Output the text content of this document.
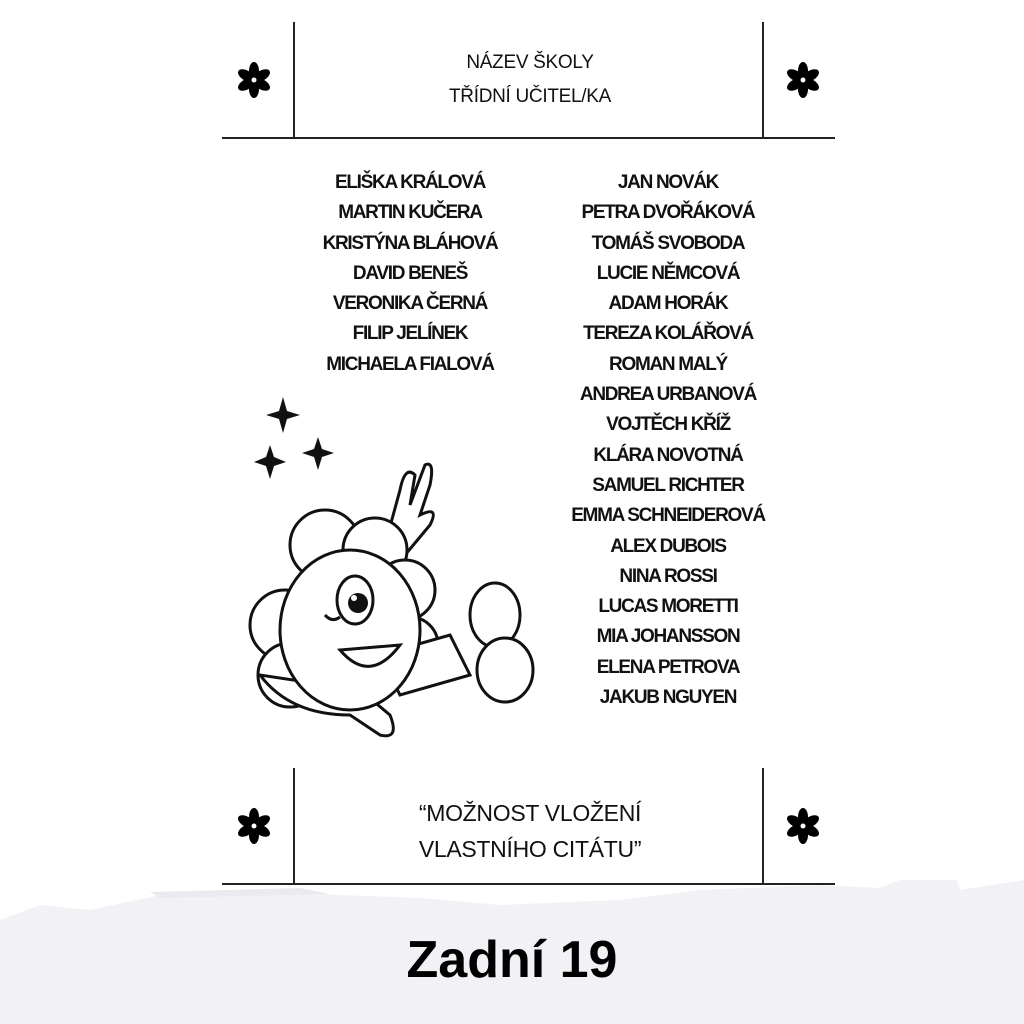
NÁZEV ŠKOLY
TŘÍDNÍ UČITEL/KA
ELIŠKA KRÁLOVÁ
MARTIN KUČERA
KRISTÝNA BLÁHOVÁ
DAVID BENEŠ
VERONIKA ČERNÁ
FILIP JELÍNEK
MICHAELA FIALOVÁ
JAN NOVÁK
PETRA DVOŘÁKOVÁ
TOMÁŠ SVOBODA
LUCIE NĚMCOVÁ
ADAM HORÁK
TEREZA KOLÁŘOVÁ
ROMAN MALÝ
ANDREA URBANOVÁ
VOJTĚCH KŘÍŽ
KLÁRA NOVOTNÁ
SAMUEL RICHTER
EMMA SCHNEIDEROVÁ
ALEX DUBOIS
NINA ROSSI
LUCAS MORETTI
MIA JOHANSSON
ELENA PETROVA
JAKUB NGUYEN
“MOŽNOST VLOŽENÍ
VLASTNÍHO CITÁTU”
Zadní 19
